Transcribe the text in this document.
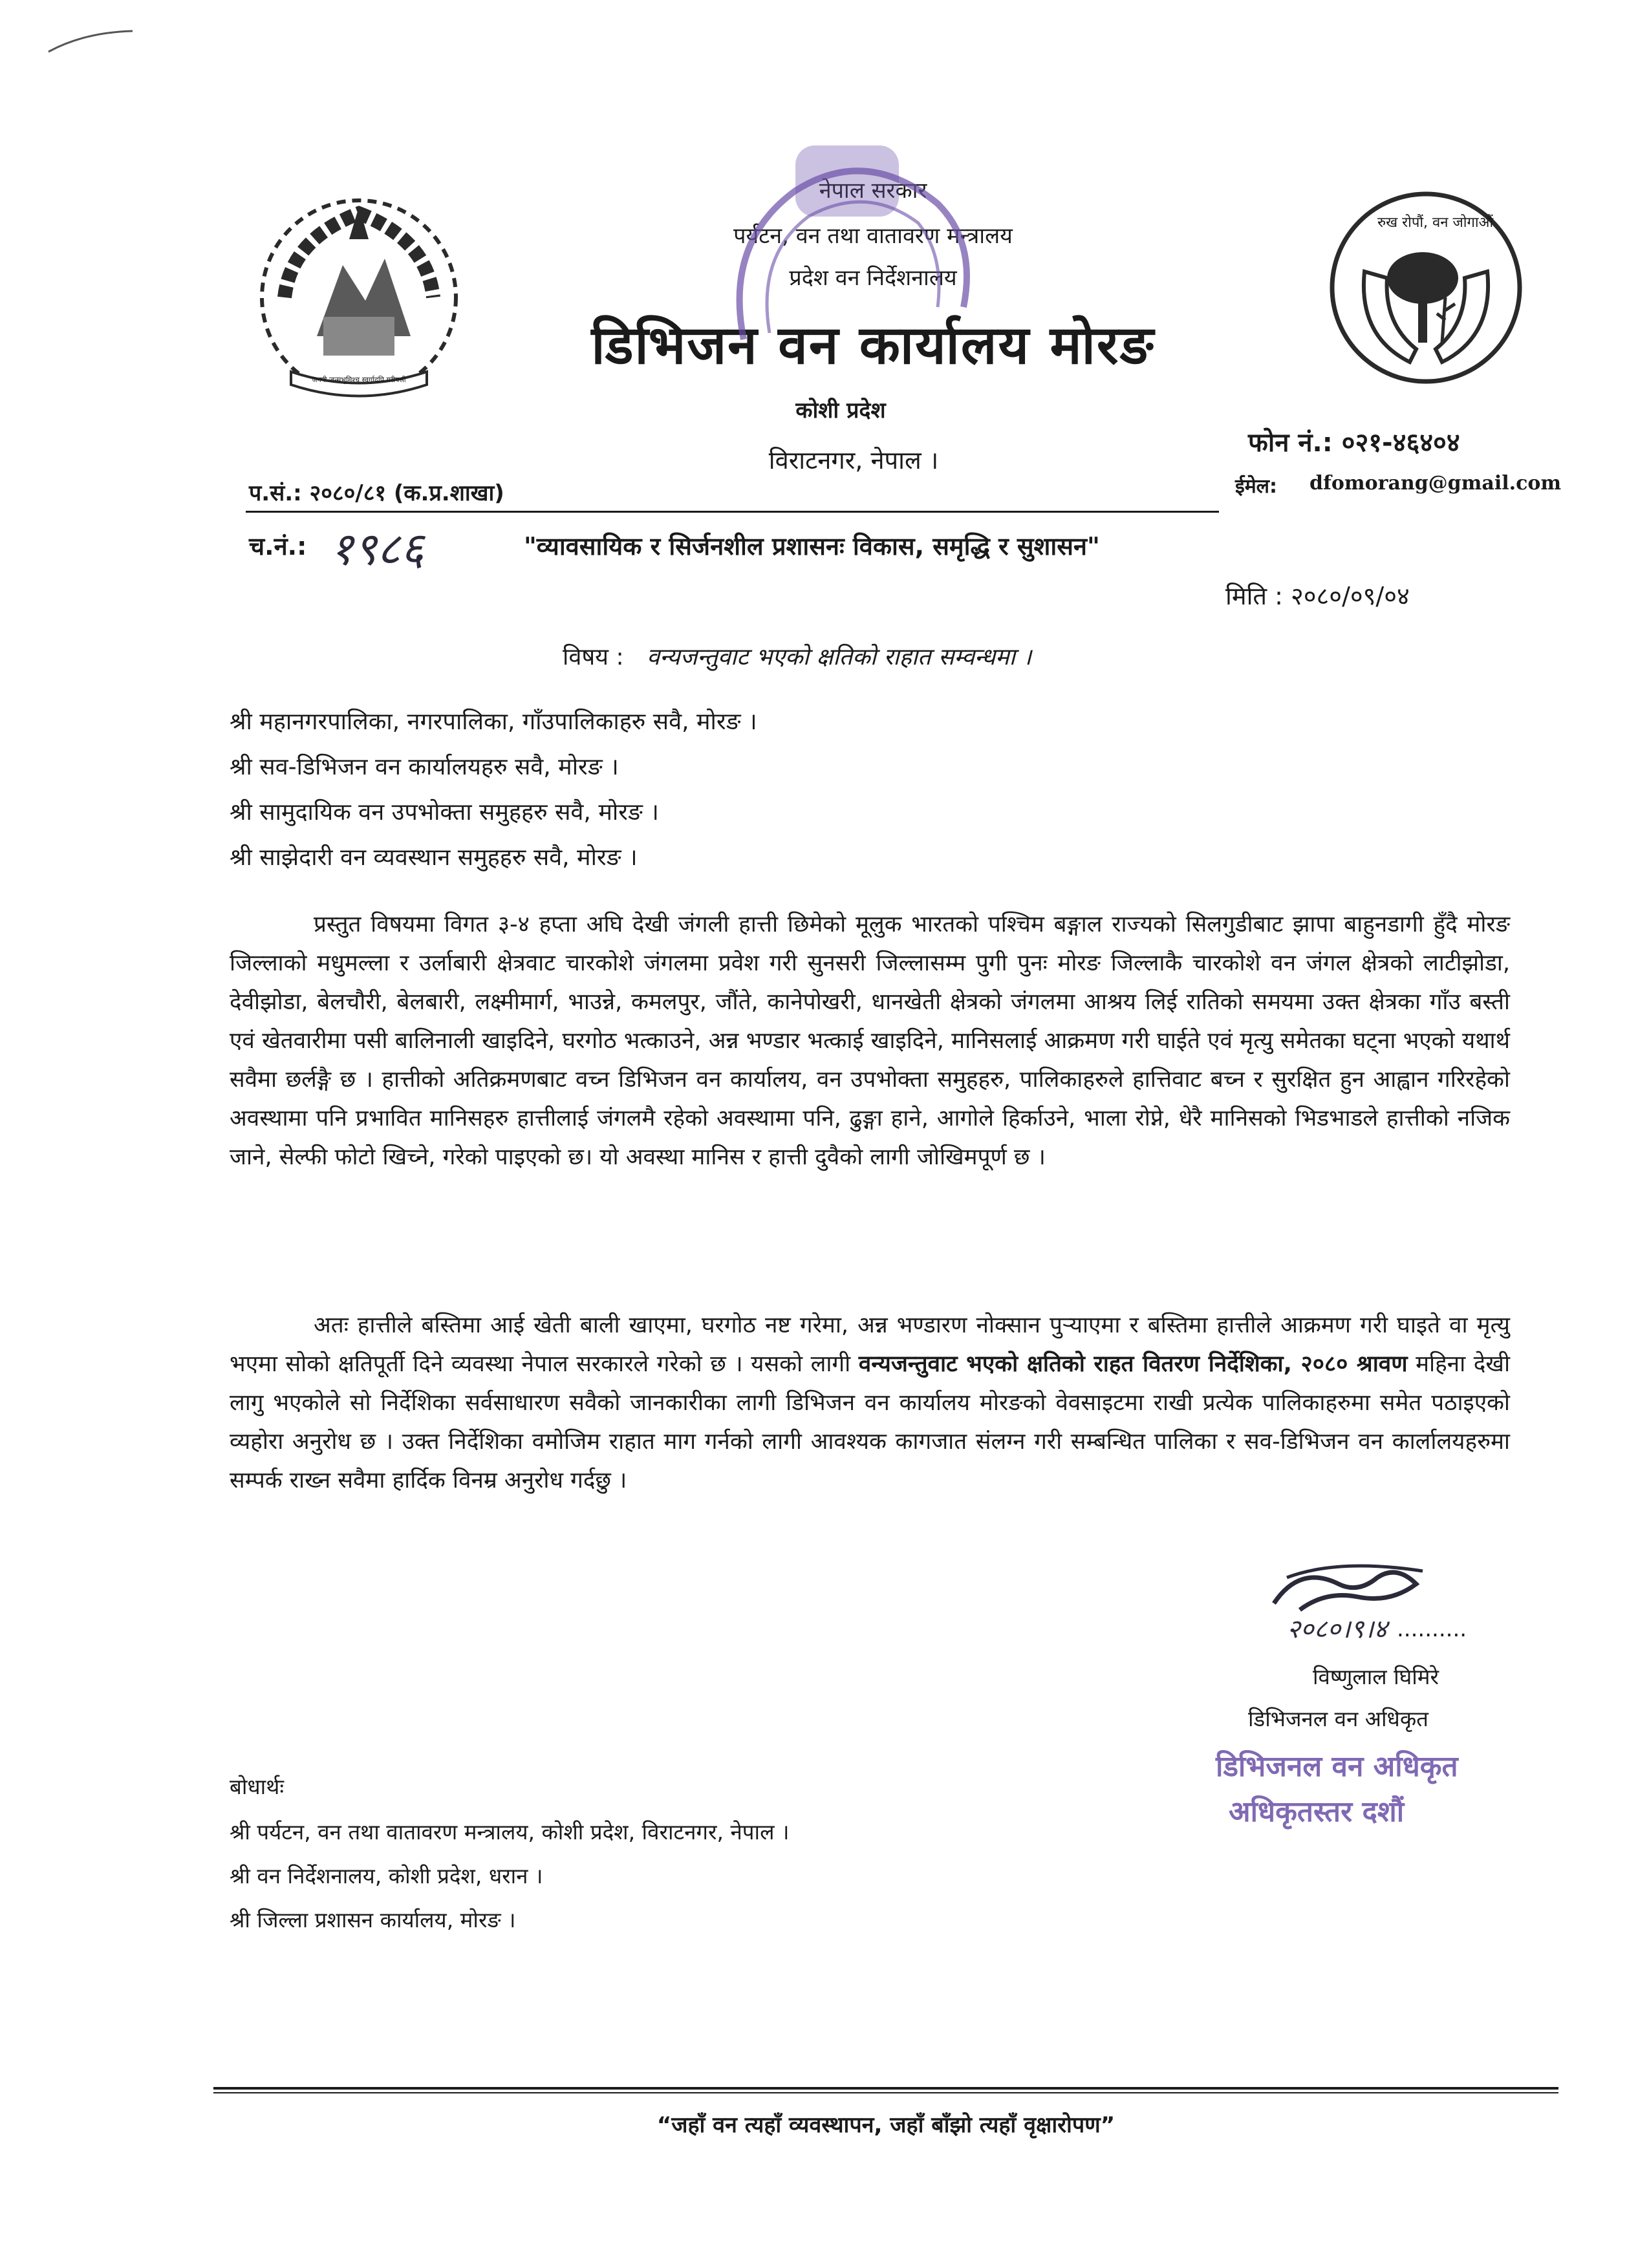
जननी जन्मभूमिश्च स्वर्गादपि गरीयसी
रुख रोपौं, वन जोगाऔं
नेपाल सरकार
पर्यटन, वन तथा वातावरण मन्त्रालय
प्रदेश वन निर्देशनालय
डिभिजन वन कार्यालय मोरङ
कोशी प्रदेश
विराटनगर, नेपाल ।
फोन नं.: ०२१-४६४०४
ईमेल: dfomorang@gmail.com
प.सं.: २०८०/८१ (क.प्र.शाखा)
च.नं.: १९८६	"व्यावसायिक र सिर्जनशील प्रशासनः विकास, समृद्धि र सुशासन"
मिति : २०८०/०९/०४
विषय : वन्यजन्तुवाट भएको क्षतिको राहात सम्वन्धमा ।
श्री महानगरपालिका, नगरपालिका, गाँउपालिकाहरु सवै, मोरङ ।
श्री सव-डिभिजन वन कार्यालयहरु सवै, मोरङ ।
श्री सामुदायिक वन उपभोक्ता समुहहरु सवै, मोरङ ।
श्री साझेदारी वन व्यवस्थान समुहहरु सवै, मोरङ ।
प्रस्तुत विषयमा विगत ३-४ हप्ता अघि देखी जंगली हात्ती छिमेको मूलुक भारतको पश्चिम बङ्गाल राज्यको सिलगुडीबाट झापा बाहुनडागी हुँदै मोरङ जिल्लाको मधुमल्ला र उर्लाबारी क्षेत्रवाट चारकोशे जंगलमा प्रवेश गरी सुनसरी जिल्लासम्म पुगी पुनः मोरङ जिल्लाकै चारकोशे वन जंगल क्षेत्रको लाटीझोडा, देवीझोडा, बेलचौरी, बेलबारी, लक्ष्मीमार्ग, भाउन्ने, कमलपुर, जौंते, कानेपोखरी, धानखेती क्षेत्रको जंगलमा आश्रय लिई रातिको समयमा उक्त क्षेत्रका गाँउ बस्ती एवं खेतवारीमा पसी बालिनाली खाइदिने, घरगोठ भत्काउने, अन्न भण्डार भत्काई खाइदिने, मानिसलाई आक्रमण गरी घाईते एवं मृत्यु समेतका घट्ना भएको यथार्थ सवैमा छर्लङ्गै छ । हात्तीको अतिक्रमणबाट वच्न डिभिजन वन कार्यालय, वन उपभोक्ता समुहहरु, पालिकाहरुले हात्तिवाट बच्न र सुरक्षित हुन आह्वान गरिरहेको अवस्थामा पनि प्रभावित मानिसहरु हात्तीलाई जंगलमै रहेको अवस्थामा पनि, ढुङ्गा हाने, आगोले हिर्काउने, भाला रोप्ने, धेरै मानिसको भिडभाडले हात्तीको नजिक जाने, सेल्फी फोटो खिच्ने, गरेको पाइएको छ। यो अवस्था मानिस र हात्ती दुवैको लागी जोखिमपूर्ण छ ।
अतः हात्तीले बस्तिमा आई खेती बाली खाएमा, घरगोठ नष्ट गरेमा, अन्न भण्डारण नोक्सान पुऱ्याएमा र बस्तिमा हात्तीले आक्रमण गरी घाइते वा मृत्यु भएमा सोको क्षतिपूर्ती दिने व्यवस्था नेपाल सरकारले गरेको छ । यसको लागी वन्यजन्तुवाट भएको क्षतिको राहत वितरण निर्देशिका, २०८० श्रावण महिना देखी लागु भएकोले सो निर्देशिका सर्वसाधारण सवैको जानकारीका लागी डिभिजन वन कार्यालय मोरङको वेवसाइटमा राखी प्रत्येक पालिकाहरुमा समेत पठाइएको व्यहोरा अनुरोध छ । उक्त निर्देशिका वमोजिम राहात माग गर्नको लागी आवश्यक कागजात संलग्न गरी सम्बन्धित पालिका र सव-डिभिजन वन कार्लालयहरुमा सम्पर्क राख्न सवैमा हार्दिक विनम्र अनुरोध गर्दछु ।
२०८०।९।४ ..........
विष्णुलाल घिमिरे
डिभिजनल वन अधिकृत
डिभिजनल वन अधिकृत
अधिकृतस्तर दशौं
बोधार्थः
श्री पर्यटन, वन तथा वातावरण मन्त्रालय, कोशी प्रदेश, विराटनगर, नेपाल ।
श्री वन निर्देशनालय, कोशी प्रदेश, धरान ।
श्री जिल्ला प्रशासन कार्यालय, मोरङ ।
“जहाँ वन त्यहाँ व्यवस्थापन, जहाँ बाँझो त्यहाँ वृक्षारोपण”
